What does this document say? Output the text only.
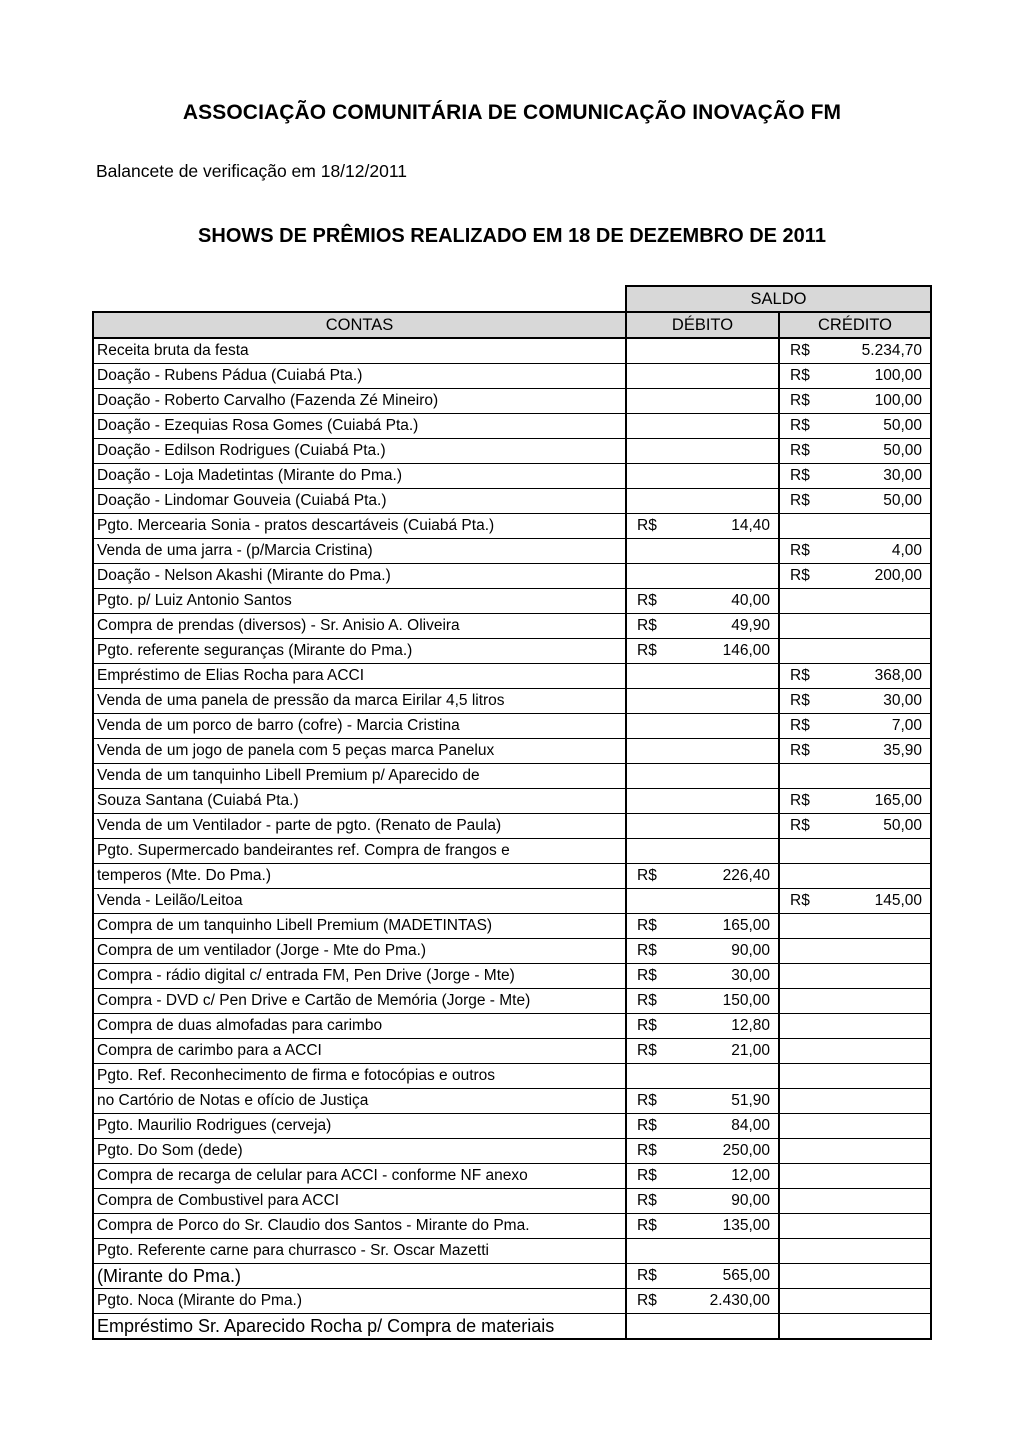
ASSOCIAÇÃO COMUNITÁRIA DE COMUNICAÇÃO INOVAÇÃO FM
Balancete de verificação em 18/12/2011
SHOWS DE PRÊMIOS REALIZADO EM 18 DE DEZEMBRO DE 2011
	SALDO	
CONTAS	DÉBITO	CRÉDITO
Receita bruta da festa		R$ 5.234,70

Doação - Rubens Pádua (Cuiabá Pta.)		R$ 100,00

Doação - Roberto Carvalho (Fazenda Zé Mineiro)		R$ 100,00

Doação - Ezequias Rosa Gomes (Cuiabá Pta.)		R$ 50,00

Doação - Edilson Rodrigues (Cuiabá Pta.)		R$ 50,00

Doação - Loja Madetintas (Mirante do Pma.)		R$ 30,00

Doação - Lindomar Gouveia (Cuiabá Pta.)		R$ 50,00

Pgto. Mercearia Sonia - pratos descartáveis (Cuiabá Pta.)	R$ 14,40	

Venda de uma jarra - (p/Marcia Cristina)		R$ 4,00

Doação - Nelson Akashi (Mirante do Pma.)		R$ 200,00

Pgto. p/ Luiz Antonio Santos	R$ 40,00	

Compra de prendas (diversos) - Sr. Anisio A. Oliveira	R$ 49,90	

Pgto. referente seguranças (Mirante do Pma.)	R$ 146,00	

Empréstimo de Elias Rocha para ACCI		R$ 368,00

Venda de uma panela de pressão da marca Eirilar 4,5 litros		R$ 30,00

Venda de um porco de barro (cofre) - Marcia Cristina		R$ 7,00

Venda de um jogo de panela com 5 peças marca Panelux		R$ 35,90

Venda de um tanquinho Libell Premium p/ Aparecido de		
Souza Santana (Cuiabá Pta.)		R$ 165,00

Venda de um Ventilador - parte de pgto. (Renato de Paula)		R$ 50,00

Pgto. Supermercado bandeirantes ref. Compra de frangos e		
temperos (Mte. Do Pma.)	R$ 226,40	

Venda - Leilão/Leitoa		R$ 145,00

Compra de um tanquinho Libell Premium (MADETINTAS)	R$ 165,00	

Compra de um ventilador (Jorge - Mte do Pma.)	R$ 90,00	

Compra - rádio digital c/ entrada FM, Pen Drive (Jorge - Mte)	R$ 30,00	

Compra - DVD c/ Pen Drive e Cartão de Memória (Jorge - Mte)	R$ 150,00	

Compra de duas almofadas para carimbo	R$ 12,80	

Compra de carimbo para a ACCI	R$ 21,00	

Pgto. Ref. Reconhecimento de firma e fotocópias e outros		
no Cartório de Notas e ofício de Justiça	R$ 51,90	

Pgto. Maurilio Rodrigues (cerveja)	R$ 84,00	

Pgto. Do Som (dede)	R$ 250,00	

Compra de recarga de celular para ACCI - conforme NF anexo	R$ 12,00	

Compra de Combustivel para ACCI	R$ 90,00	

Compra de Porco do Sr. Claudio dos Santos - Mirante do Pma.	R$ 135,00	

Pgto. Referente carne para churrasco - Sr. Oscar Mazetti		
(Mirante do Pma.)	R$ 565,00	

Pgto. Noca (Mirante do Pma.)	R$ 2.430,00	

Empréstimo Sr. Aparecido Rocha p/ Compra de materiais		
